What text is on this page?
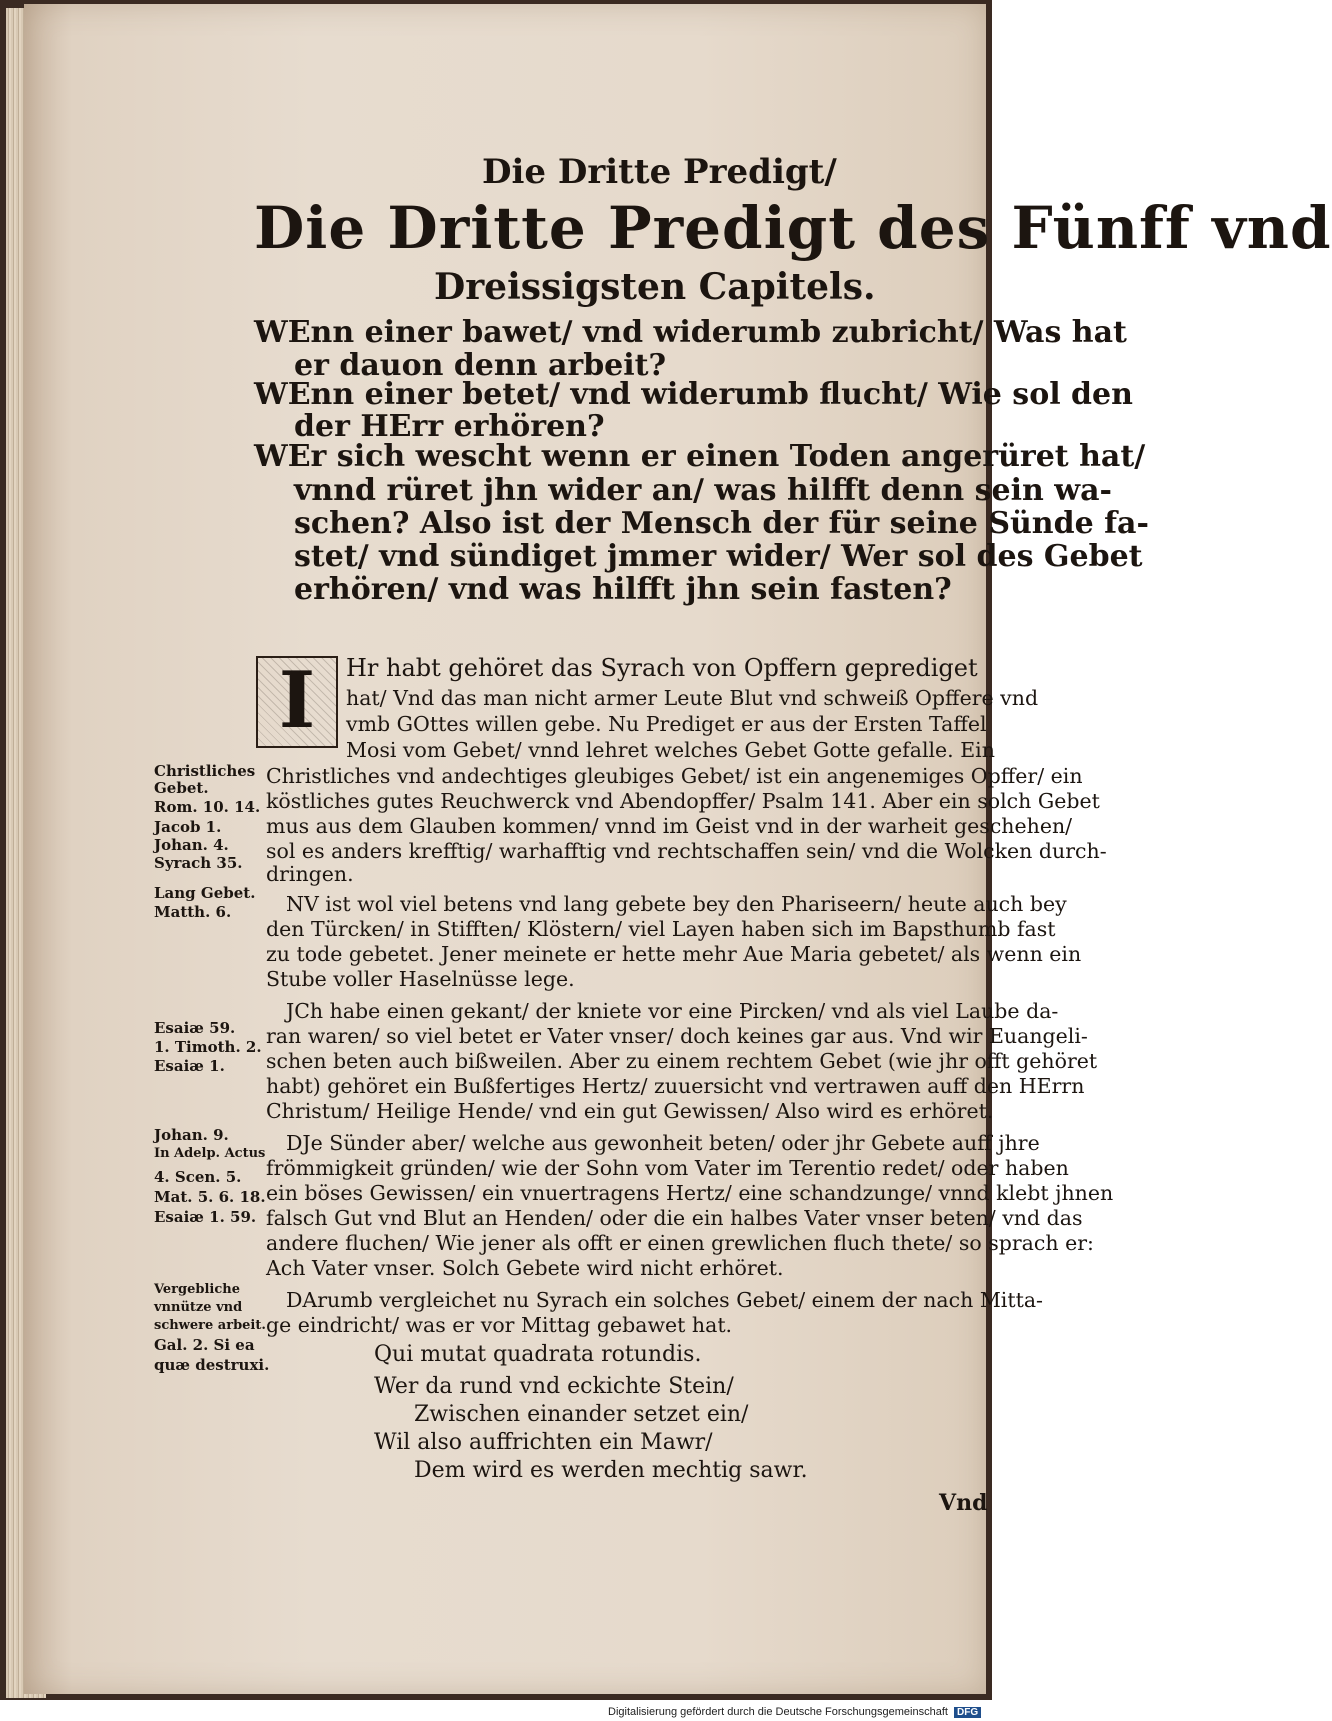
Die Dritte Predigt/

Die Dritte Predigt des Fünff vnd
Dreissigsten Capitels.

WEnn einer bawet/ vnd widerumb zubricht/ Was hat

er dauon denn arbeit?

WEnn einer betet/ vnd widerumb flucht/ Wie sol den

der HErr erhören?

WEr sich wescht wenn er einen Toden angerüret hat/

vnnd rüret jhn wider an/ was hilfft denn sein wa-

schen? Also ist der Mensch der für seine Sünde fa-

stet/ vnd sündiget jmmer wider/ Wer sol des Gebet

erhören/ vnd was hilfft jhn sein fasten?

I	Hr habt gehöret das Syrach von Opffern geprediget

hat/ Vnd das man nicht armer Leute Blut vnd schweiß Opffere vnd

vmb GOttes willen gebe. Nu Prediget er aus der Ersten Taffel

Mosi vom Gebet/ vnnd lehret welches Gebet Gotte gefalle. Ein

Christliches vnd andechtiges gleubiges Gebet/ ist ein angenemiges Opffer/ ein

köstliches gutes Reuchwerck vnd Abendopffer/ Psalm 141. Aber ein solch Gebet

mus aus dem Glauben kommen/ vnnd im Geist vnd in der warheit geschehen/

sol es anders krefftig/ warhafftig vnd rechtschaffen sein/ vnd die Wolcken durch-

dringen.

NV ist wol viel betens vnd lang gebete bey den Phariseern/ heute auch bey

den Türcken/ in Stifften/ Klöstern/ viel Layen haben sich im Bapsthumb fast

zu tode gebetet. Jener meinete er hette mehr Aue Maria gebetet/ als wenn ein

Stube voller Haselnüsse lege.

JCh habe einen gekant/ der kniete vor eine Pircken/ vnd als viel Laube da-

ran waren/ so viel betet er Vater vnser/ doch keines gar aus. Vnd wir Euangeli-

schen beten auch bißweilen. Aber zu einem rechtem Gebet (wie jhr offt gehöret

habt) gehöret ein Bußfertiges Hertz/ zuuersicht vnd vertrawen auff den HErrn

Christum/ Heilige Hende/ vnd ein gut Gewissen/ Also wird es erhöret.

DJe Sünder aber/ welche aus gewonheit beten/ oder jhr Gebete auff jhre

frömmigkeit gründen/ wie der Sohn vom Vater im Terentio redet/ oder haben

ein böses Gewissen/ ein vnuertragens Hertz/ eine schandzunge/ vnnd klebt jhnen

falsch Gut vnd Blut an Henden/ oder die ein halbes Vater vnser beten/ vnd das

andere fluchen/ Wie jener als offt er einen grewlichen fluch thete/ so sprach er:

Ach Vater vnser. Solch Gebete wird nicht erhöret.

DArumb vergleichet nu Syrach ein solches Gebet/ einem der nach Mitta-

ge eindricht/ was er vor Mittag gebawet hat.

Qui mutat quadrata rotundis.

Wer da rund vnd eckichte Stein/

Zwischen einander setzet ein/

Wil also auffrichten ein Mawr/

Dem wird es werden mechtig sawr.

Christliches

Gebet.

Rom. 10. 14.

Jacob 1.

Johan. 4.

Syrach 35.

Lang Gebet.

Matth. 6.

Esaiæ 59.

1. Timoth. 2.

Esaiæ 1.

Johan. 9.

In Adelp. Actus

4. Scen. 5.

Mat. 5. 6. 18.

Esaiæ 1. 59.

Vergebliche

vnnütze vnd

schwere arbeit.

Gal. 2. Si ea

quæ destruxi.

Vnd

Digitalisierung gefördert durch die Deutsche Forschungsgemeinschaft DFG
